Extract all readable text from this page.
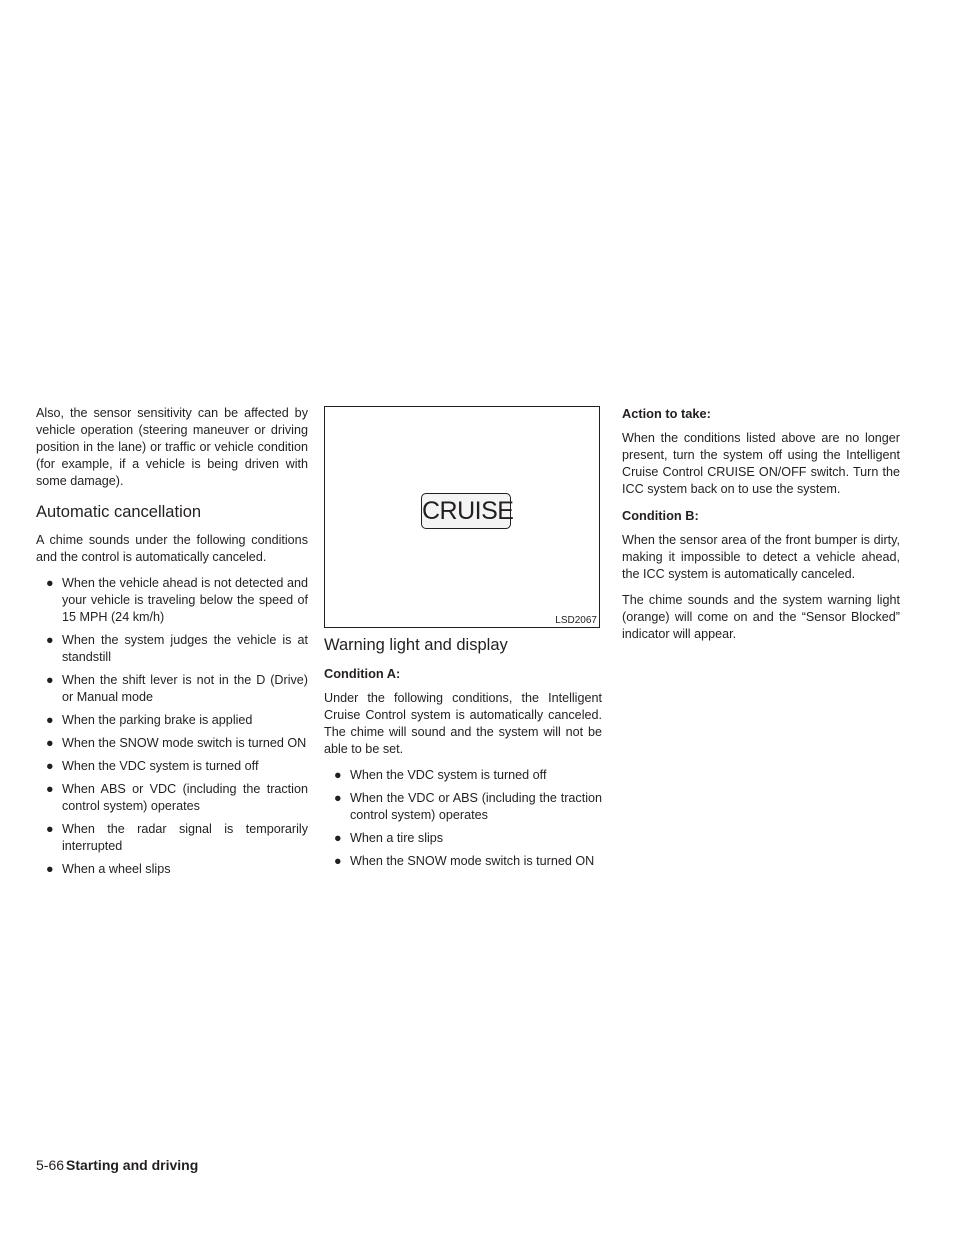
Also, the sensor sensitivity can be affected by vehicle operation (steering maneuver or driving position in the lane) or traffic or vehicle condition (for example, if a vehicle is being driven with some damage).

Automatic cancellation

A chime sounds under the following conditions and the control is automatically canceled.

● When the vehicle ahead is not detected and your vehicle is traveling below the speed of 15 MPH (24 km/h)
● When the system judges the vehicle is at standstill
● When the shift lever is not in the D (Drive) or Manual mode
● When the parking brake is applied
● When the SNOW mode switch is turned ON
● When the VDC system is turned off
● When ABS or VDC (including the traction control system) operates
● When the radar signal is temporarily interrupted
● When a wheel slips
CRUISE
LSD2067
Warning light and display
Condition A:

Under the following conditions, the Intelligent Cruise Control system is automatically canceled. The chime will sound and the system will not be able to be set.

● When the VDC system is turned off
● When the VDC or ABS (including the traction control system) operates
● When a tire slips
● When the SNOW mode switch is turned ON
Action to take:

When the conditions listed above are no longer present, turn the system off using the Intelligent Cruise Control CRUISE ON/OFF switch. Turn the ICC system back on to use the system.

Condition B:

When the sensor area of the front bumper is dirty, making it impossible to detect a vehicle ahead, the ICC system is automatically canceled.

The chime sounds and the system warning light (orange) will come on and the “Sensor Blocked” indicator will appear.

5-66 Starting and driving
